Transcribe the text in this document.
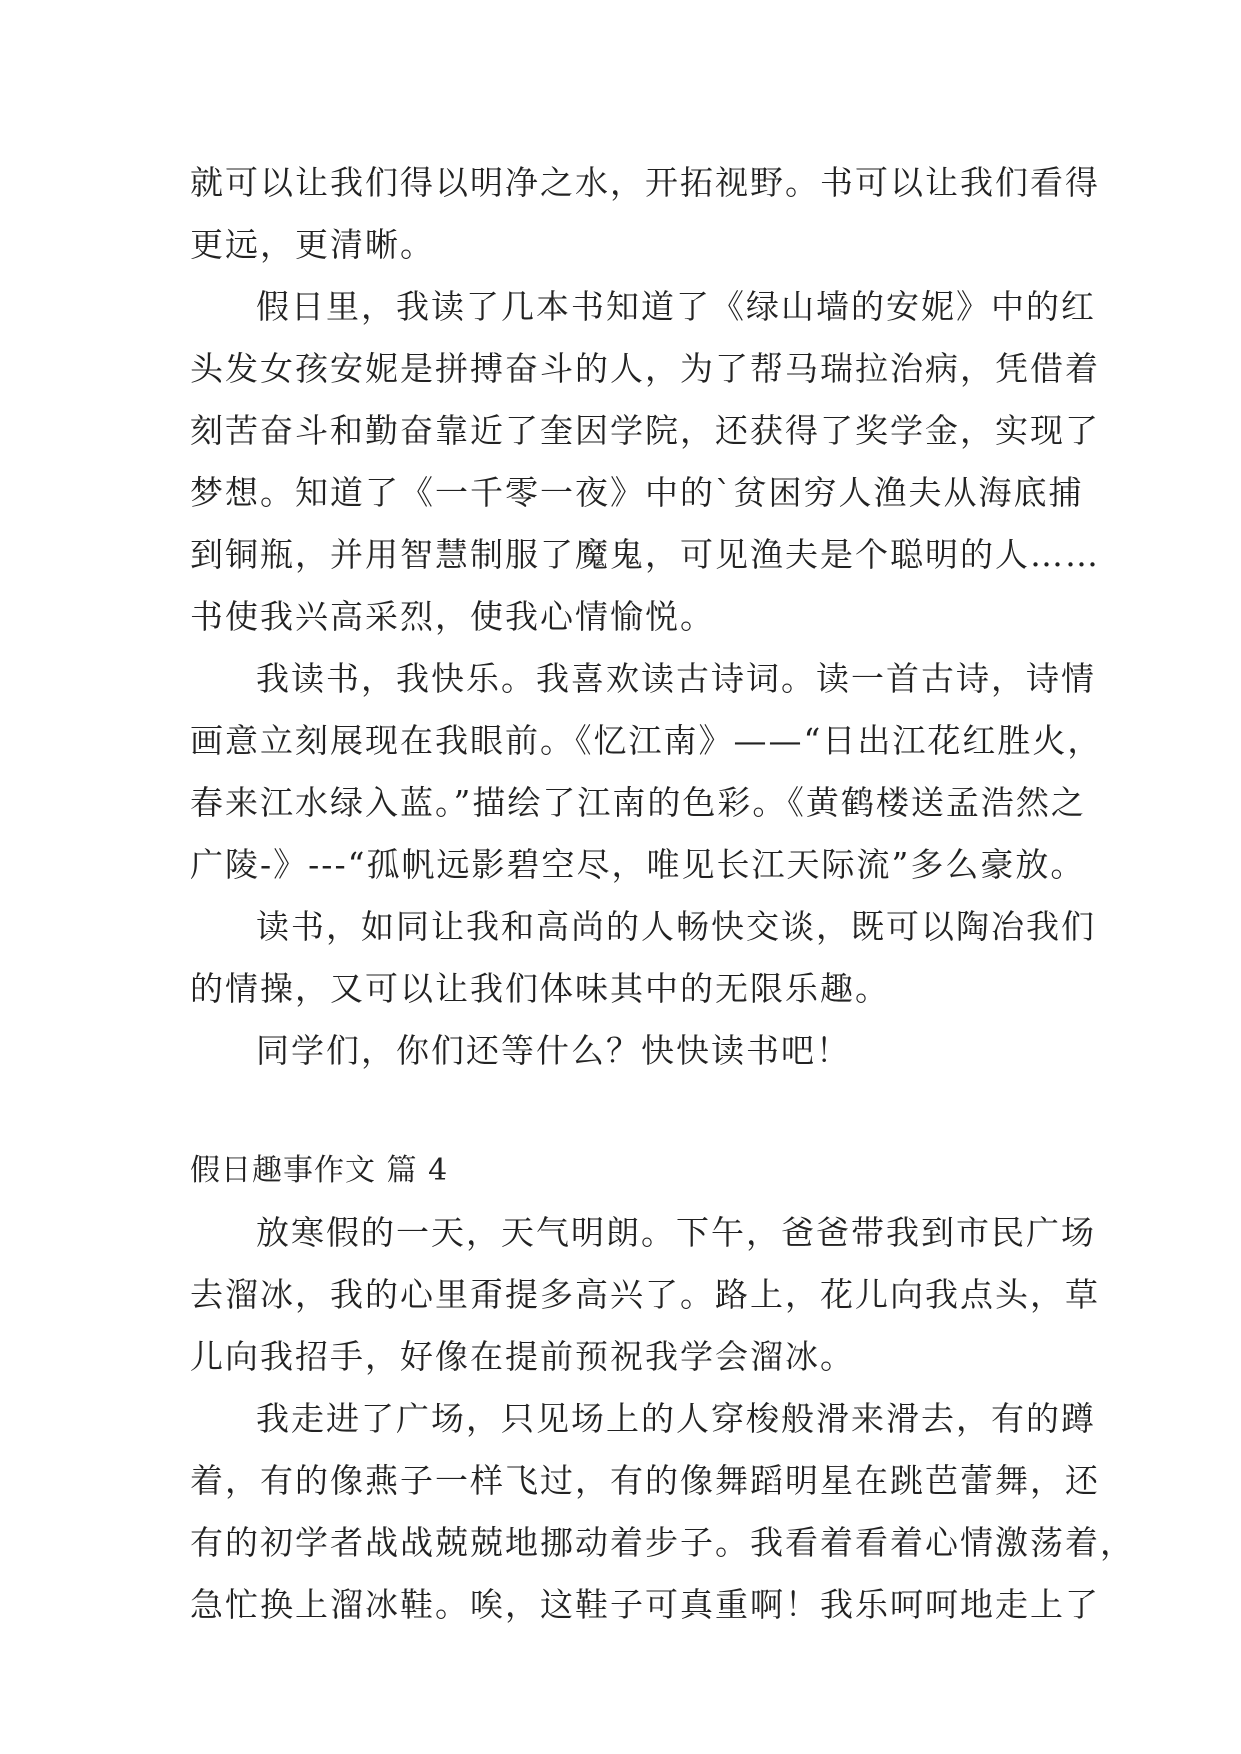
就可以让我们得以明净之水，开拓视野。书可以让我们看得
更远，更清晰。
假日里，我读了几本书知道了《绿山墙的安妮》中的红
头发女孩安妮是拼搏奋斗的人，为了帮马瑞拉治病，凭借着
刻苦奋斗和勤奋靠近了奎因学院，还获得了奖学金，实现了
梦想。知道了《一千零一夜》中的`贫困穷人渔夫从海底捕
到铜瓶，并用智慧制服了魔鬼，可见渔夫是个聪明的人……
书使我兴高采烈，使我心情愉悦。
我读书，我快乐。我喜欢读古诗词。读一首古诗，诗情
画意立刻展现在我眼前。《忆江南》——“日出江花红胜火，
春来江水绿入蓝。”描绘了江南的色彩。《黄鹤楼送孟浩然之
广陵-》---“孤帆远影碧空尽，唯见长江天际流”多么豪放。
读书，如同让我和高尚的人畅快交谈，既可以陶冶我们
的情操，又可以让我们体味其中的无限乐趣。
同学们，你们还等什么？快快读书吧！
假日趣事作文 篇 4
放寒假的一天，天气明朗。下午，爸爸带我到市民广场
去溜冰，我的心里甭提多高兴了。路上，花儿向我点头，草
儿向我招手，好像在提前预祝我学会溜冰。
我走进了广场，只见场上的人穿梭般滑来滑去，有的蹲
着，有的像燕子一样飞过，有的像舞蹈明星在跳芭蕾舞，还
有的初学者战战兢兢地挪动着步子。我看着看着心情激荡着，
急忙换上溜冰鞋。唉，这鞋子可真重啊！我乐呵呵地走上了
